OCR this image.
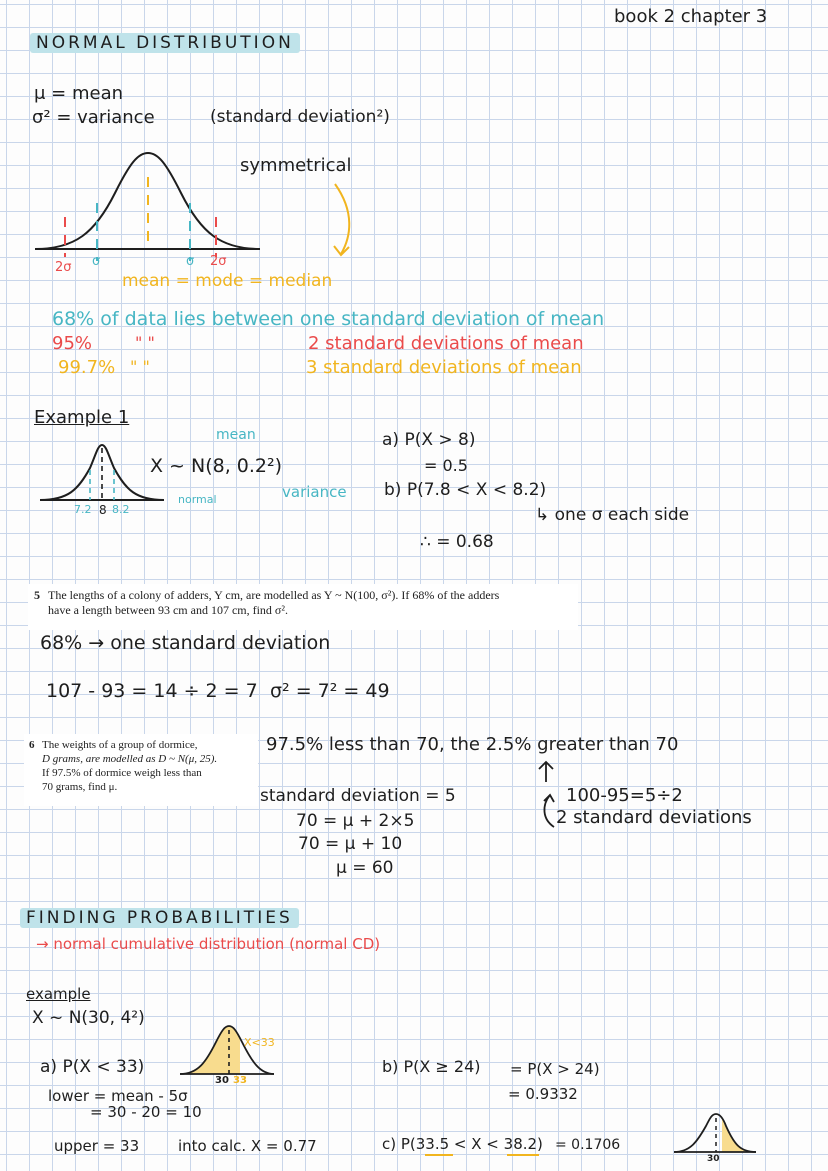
book 2 chapter 3

NORMAL DISTRIBUTION

μ = mean

σ² = variance	(standard deviation²)

2σ σ	σ 2σ

symmetrical

mean = mode = median

68% of data lies between one standard deviation of mean

95%	" "	2 standard deviations of mean

99.7% " "	3 standard deviations of mean

Example 1

7.2 8 8.2

mean

X ~ N(8, 0.2²)

normal	variance

a) P(X > 8)

= 0.5

b) P(7.8 < X < 8.2)

↳ one σ each side

∴ = 0.68

5 The lengths of a colony of adders, Y cm, are modelled as Y ~ N(100, σ²). If 68% of the adders
have a length between 93 cm and 107 cm, find σ².

68% → one standard deviation

107 - 93 = 14 ÷ 2 = 7 σ² = 7² = 49

6 The weights of a group of dormice,
D grams, are modelled as D ~ N(μ, 25).
If 97.5% of dormice weigh less than
70 grams, find μ.

97.5% less than 70, the 2.5% greater than 70

100-95=5÷2

2 standard deviations

standard deviation = 5

70 = μ + 2×5

70 = μ + 10

μ = 60

FINDING PROBABILITIES

→ normal cumulative distribution (normal CD)

example

X ~ N(30, 4²)

a) P(X < 33)

X<33

30 33

lower = mean - 5σ

= 30 - 20 = 10

upper = 33	into calc. X = 0.77

b) P(X ≥ 24) = P(X > 24)

= 0.9332

c) P(33.5 < X < 38.2) = 0.1706

30
